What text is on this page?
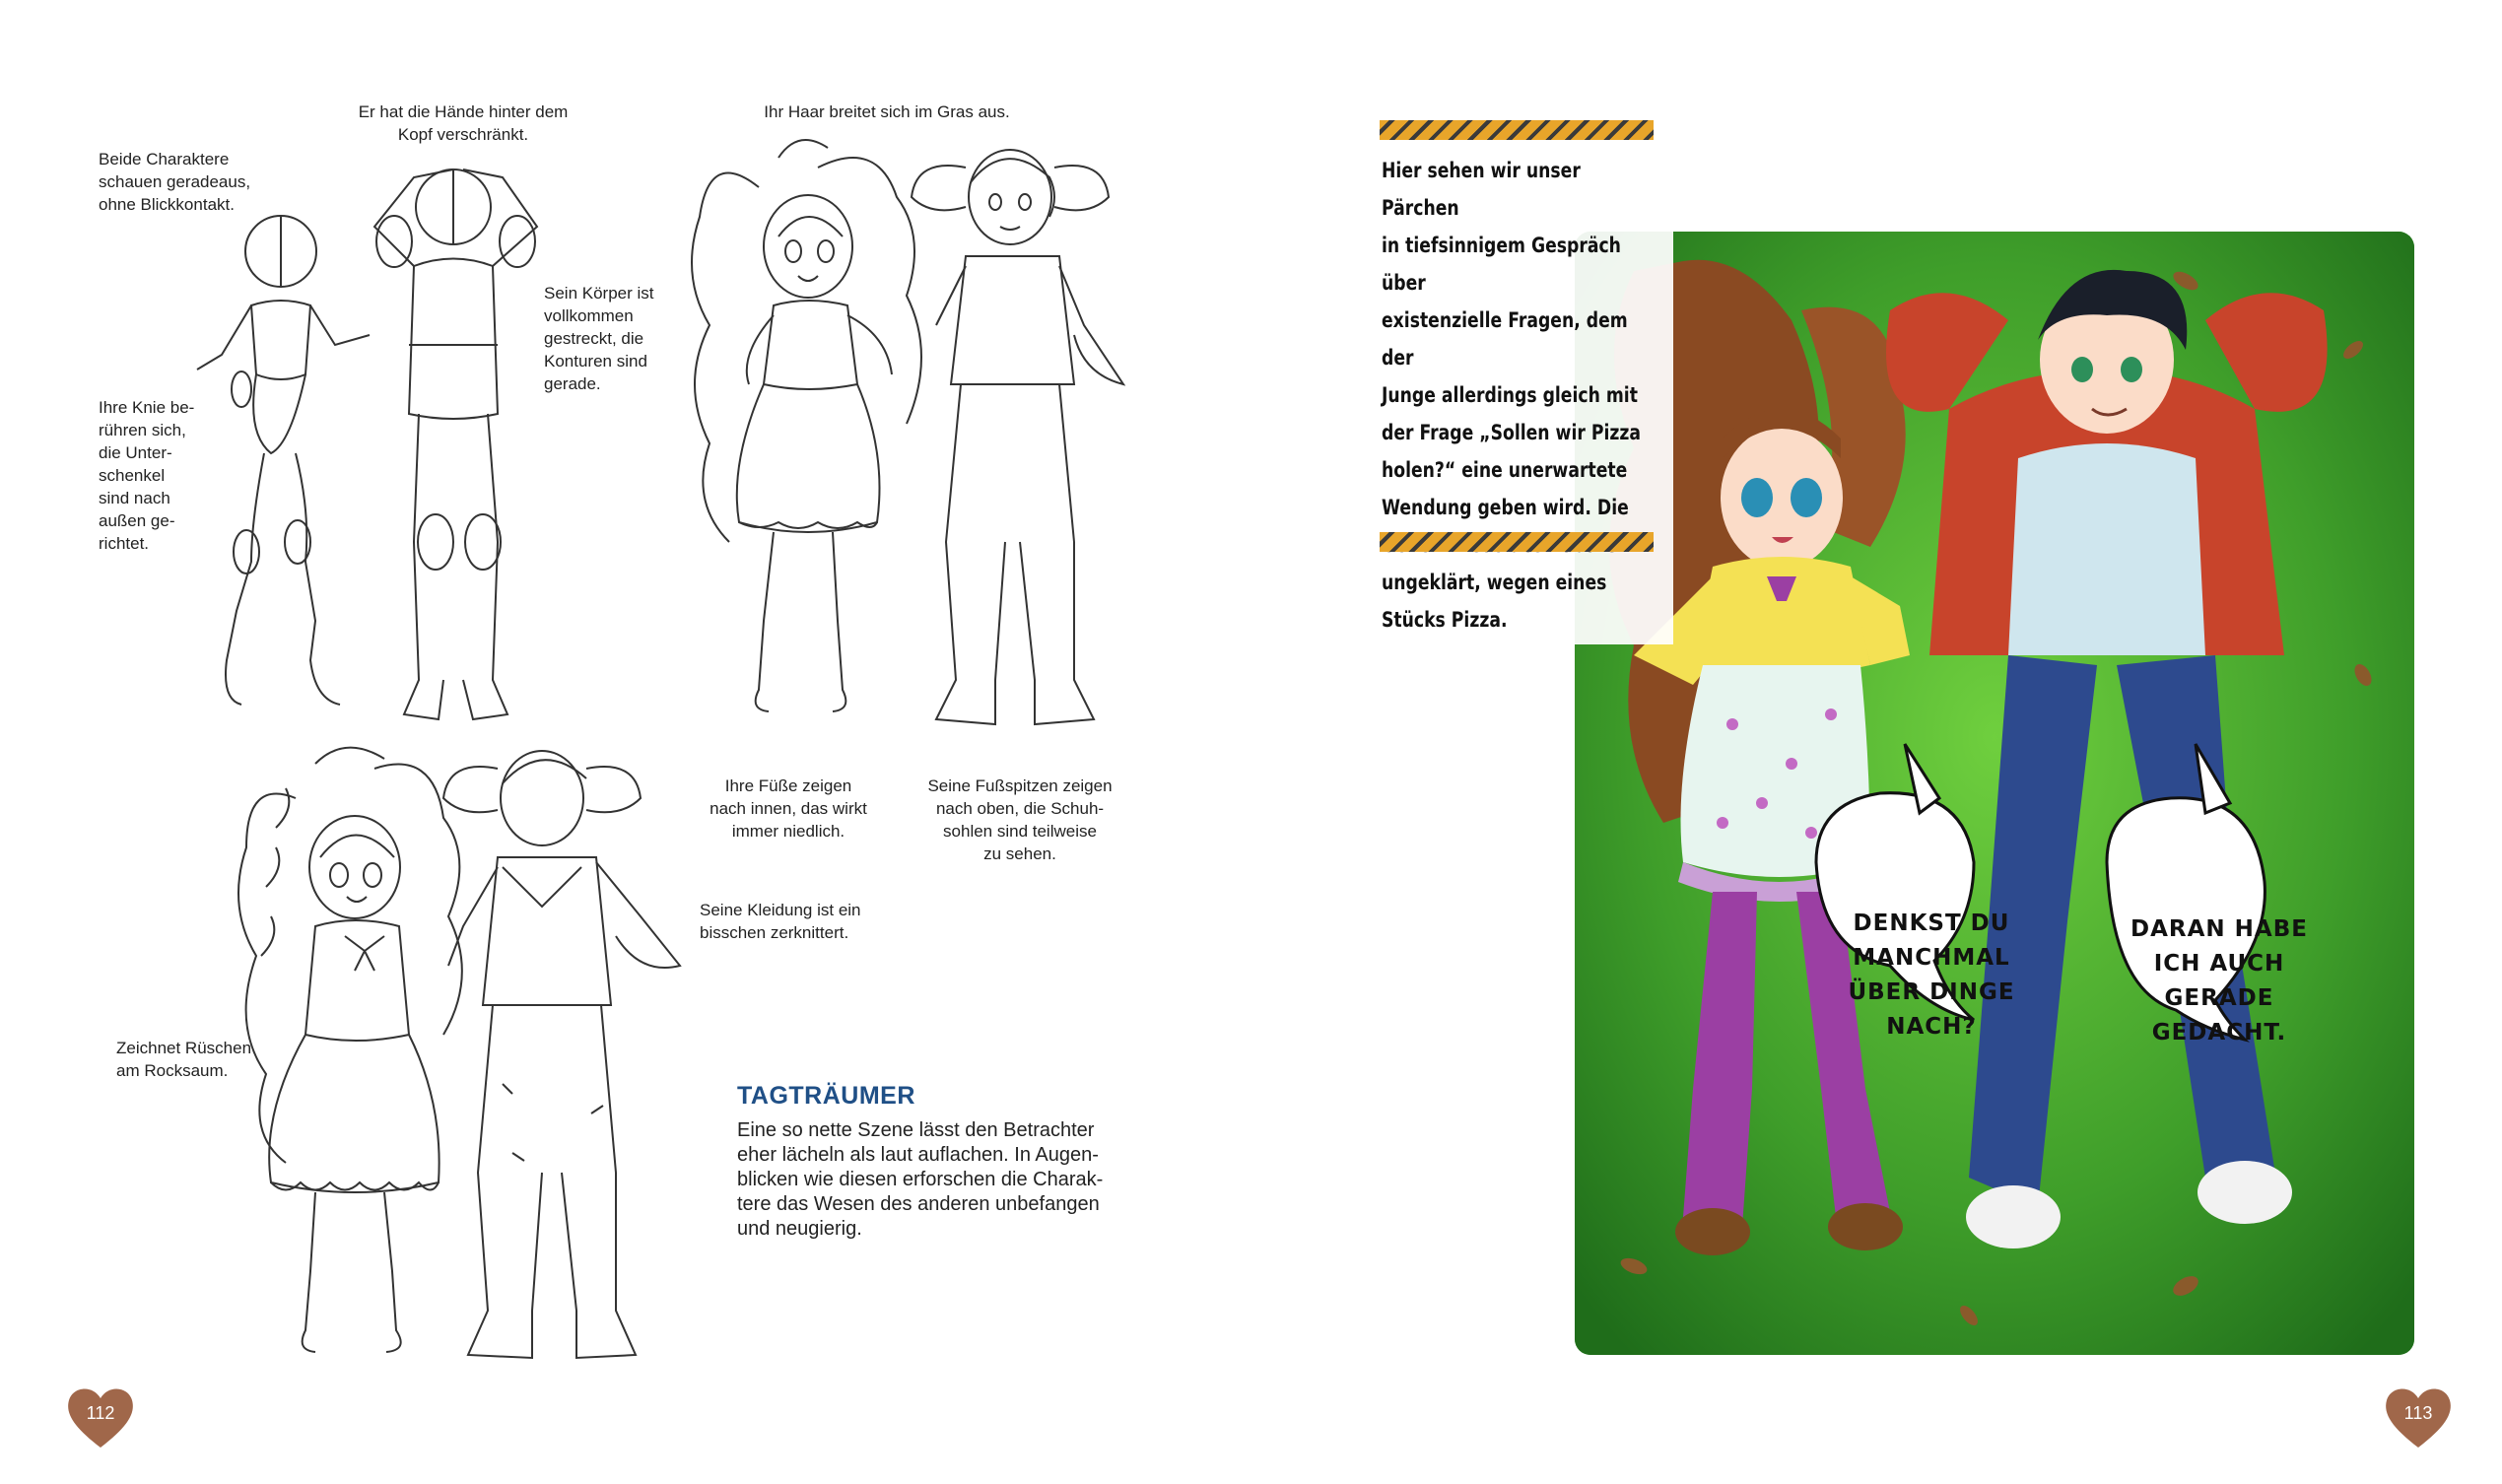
Er hat die Hände hinter dem
Kopf verschränkt.
Beide Charaktere
schauen geradeaus,
ohne Blickkontakt.
Sein Körper ist
vollkommen
gestreckt, die
Konturen sind
gerade.
Ihre Knie be-
rühren sich,
die Unter-
schenkel
sind nach
außen ge-
richtet.
Ihr Haar breitet sich im Gras aus.
Ihre Füße zeigen
nach innen, das wirkt
immer niedlich.
Seine Fußspitzen zeigen
nach oben, die Schuh-
sohlen sind teilweise
zu sehen.
Seine Kleidung ist ein
bisschen zerknittert.
Zeichnet Rüschen
am Rocksaum.
TAGTRÄUMER
Eine so nette Szene lässt den Betrachter
eher lächeln als laut auflachen. In Augen-
blicken wie diesen erforschen die Charak-
tere das Wesen des anderen unbefangen
und neugierig.
112
Hier sehen wir unser Pärchen
in tiefsinnigem Gespräch über
existenzielle Fragen, dem der
Junge allerdings gleich mit
der Frage „Sollen wir Pizza
holen?“ eine unerwartete
Wendung geben wird. Die

ungeklärt, wegen eines
Stücks Pizza.
DENKST DU
MANCHMAL
ÜBER DINGE
NACH?
DARAN HABE
ICH AUCH
GERADE
GEDACHT.
113
